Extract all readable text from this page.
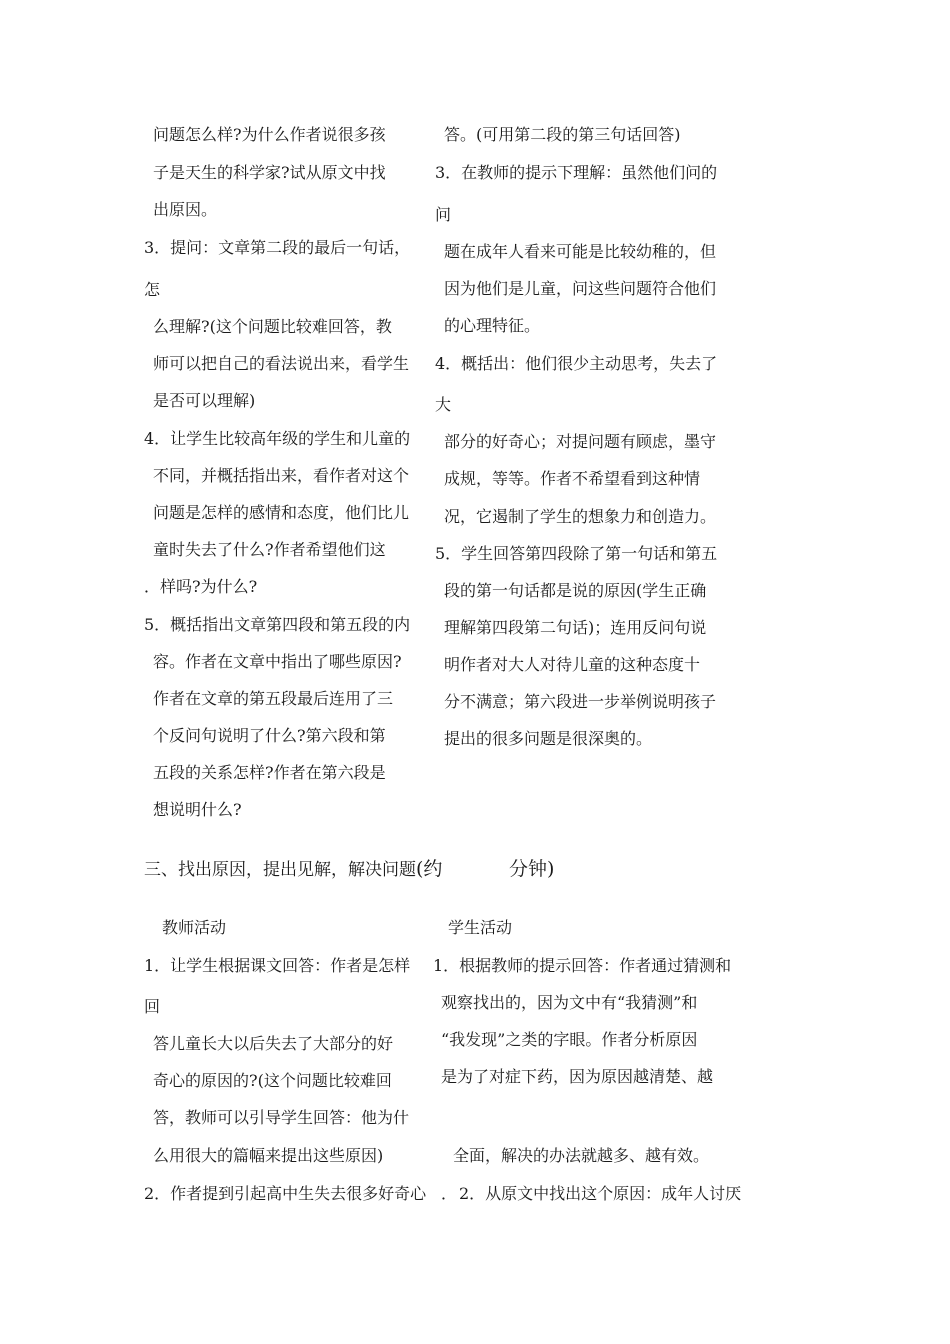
问题怎么样?为什么作者说很多孩
子是天生的科学家?试从原文中找
出原因。
3．提问：文章第二段的最后一句话，
怎
么理解?(这个问题比较难回答，教
师可以把自己的看法说出来，看学生
是否可以理解)
4．让学生比较高年级的学生和儿童的
不同，并概括指出来，看作者对这个
问题是怎样的感情和态度，他们比儿
童时失去了什么?作者希望他们这
．样吗?为什么?
5．概括指出文章第四段和第五段的内
容。作者在文章中指出了哪些原因?
作者在文章的第五段最后连用了三
个反问句说明了什么?第六段和第
五段的关系怎样?作者在第六段是
想说明什么?
答。(可用第二段的第三句话回答)
3．在教师的提示下理解：虽然他们问的
问
题在成年人看来可能是比较幼稚的，但
因为他们是儿童，问这些问题符合他们
的心理特征。
4．概括出：他们很少主动思考，失去了
大
部分的好奇心；对提问题有顾虑，墨守
成规，等等。作者不希望看到这种情
况，它遏制了学生的想象力和创造力。
5．学生回答第四段除了第一句话和第五
段的第一句话都是说的原因(学生正确
理解第四段第二句话)；连用反问句说
明作者对大人对待儿童的这种态度十
分不满意；第六段进一步举例说明孩子
提出的很多问题是很深奥的。
三、找出原因，提出见解，解决问题(约	分钟)
教师活动	学生活动
1．让学生根据课文回答：作者是怎样
回
答儿童长大以后失去了大部分的好
奇心的原因的?(这个问题比较难回
答，教师可以引导学生回答：他为什
么用很大的篇幅来提出这些原因)
2．作者提到引起高中生失去很多好奇心 ．
1．根据教师的提示回答：作者通过猜测和
观察找出的，因为文中有“我猜测”和
“我发现”之类的字眼。作者分析原因
是为了对症下药，因为原因越清楚、越
全面，解决的办法就越多、越有效。
2．从原文中找出这个原因：成年人讨厌
